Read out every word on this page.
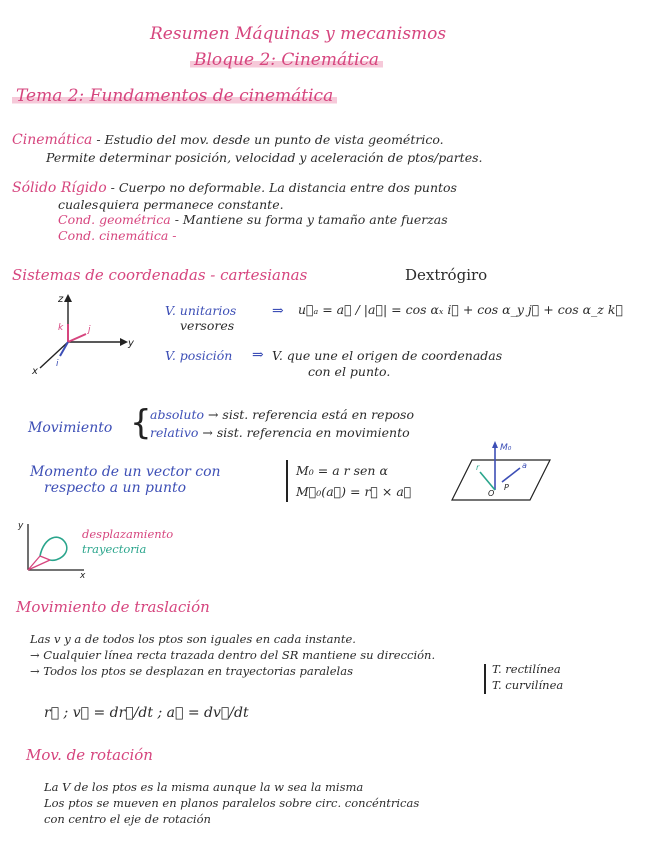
Resumen Máquinas y mecanismos
Bloque 2: Cinemática
Tema 2: Fundamentos de cinemática
Cinemática - Estudio del mov. desde un punto de vista geométrico.
Permite determinar posición, velocidad y aceleración de ptos/partes.
Sólido Rígido - Cuerpo no deformable. La distancia entre dos puntos
cualesquiera permanece constante.
Cond. geométrica - Mantiene su forma y tamaño ante fuerzas
Cond. cinemática -
Sistemas de coordenadas - cartesianas	Dextrógiro
z
y
x
k	j
i
V. unitarios
versores
⇒ u⃗ₐ = a⃗ / |a⃗| = cos αₓ i⃗ + cos α_y j⃗ + cos α_z k⃗
V. posición ⇒ V. que une el origen de coordenadas
con el punto.
Movimiento {
absoluto → sist. referencia está en reposo
relativo → sist. referencia en movimiento
Momento de un vector con
respecto a un punto
M₀ = a r sen α
M⃗₀(a⃗) = r⃗ × a⃗
M₀
r	a
O
P
y
x
desplazamiento
trayectoria
Movimiento de traslación
Las v y a de todos los ptos son iguales en cada instante.
→ Cualquier línea recta trazada dentro del SR mantiene su dirección.
→ Todos los ptos se desplazan en trayectorias paralelas	T. rectilínea
T. curvilínea
r⃗ ; v⃗ = dr⃗/dt ; a⃗ = dv⃗/dt
Mov. de rotación
La V de los ptos es la misma aunque la w sea la misma
Los ptos se mueven en planos paralelos sobre circ. concéntricas
con centro el eje de rotación
